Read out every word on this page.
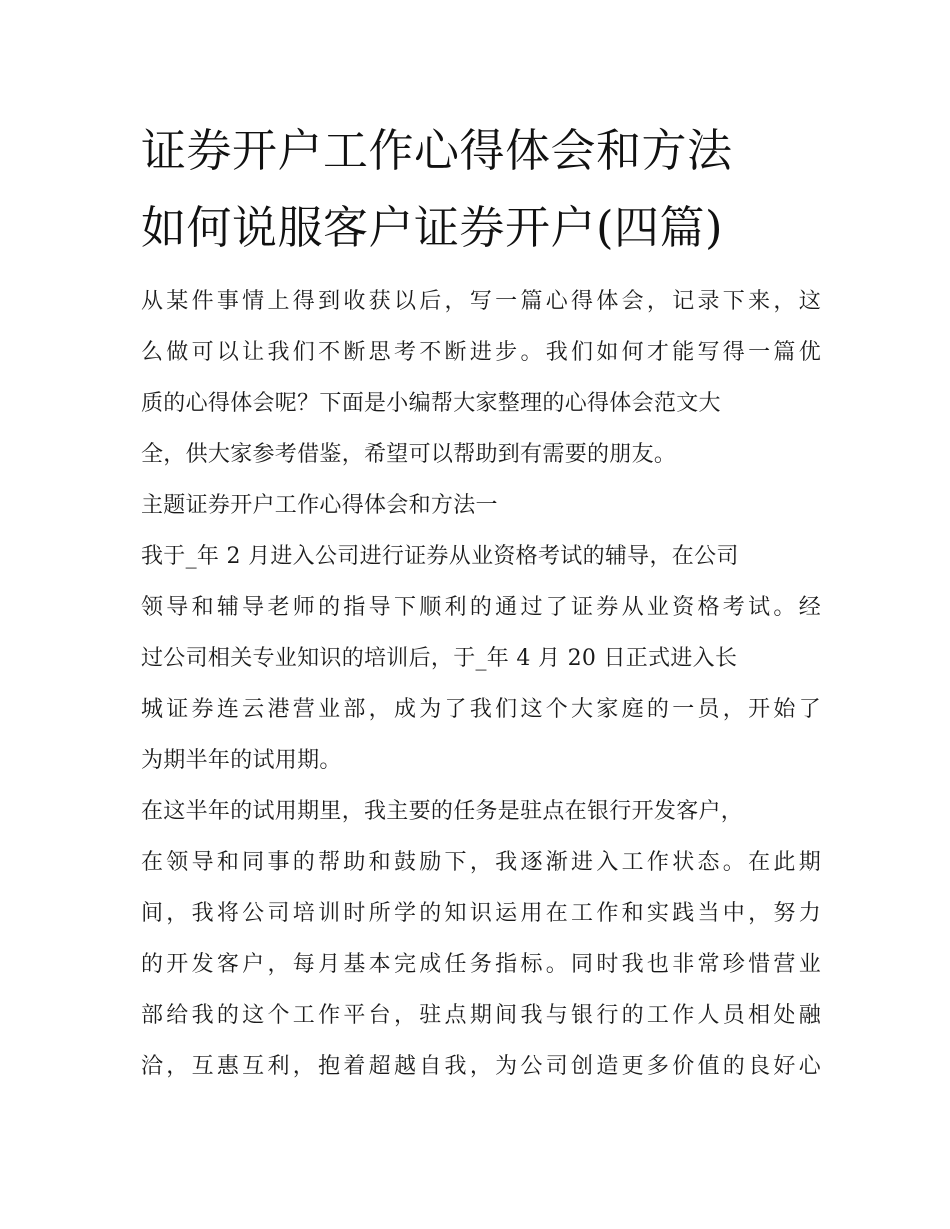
证券开户工作心得体会和方法
如何说服客户证券开户(四篇)
从某件事情上得到收获以后，写一篇心得体会，记录下来，这
么做可以让我们不断思考不断进步。我们如何才能写得一篇优
质的心得体会呢？下面是小编帮大家整理的心得体会范文大
全，供大家参考借鉴，希望可以帮助到有需要的朋友。
主题证券开户工作心得体会和方法一
我于_年 2 月进入公司进行证券从业资格考试的辅导，在公司
领导和辅导老师的指导下顺利的通过了证券从业资格考试。经
过公司相关专业知识的培训后，于_年 4 月 20 日正式进入长
城证券连云港营业部，成为了我们这个大家庭的一员，开始了
为期半年的试用期。
在这半年的试用期里，我主要的任务是驻点在银行开发客户，
在领导和同事的帮助和鼓励下，我逐渐进入工作状态。在此期
间，我将公司培训时所学的知识运用在工作和实践当中，努力
的开发客户，每月基本完成任务指标。同时我也非常珍惜营业
部给我的这个工作平台，驻点期间我与银行的工作人员相处融
洽，互惠互利，抱着超越自我，为公司创造更多价值的良好心
